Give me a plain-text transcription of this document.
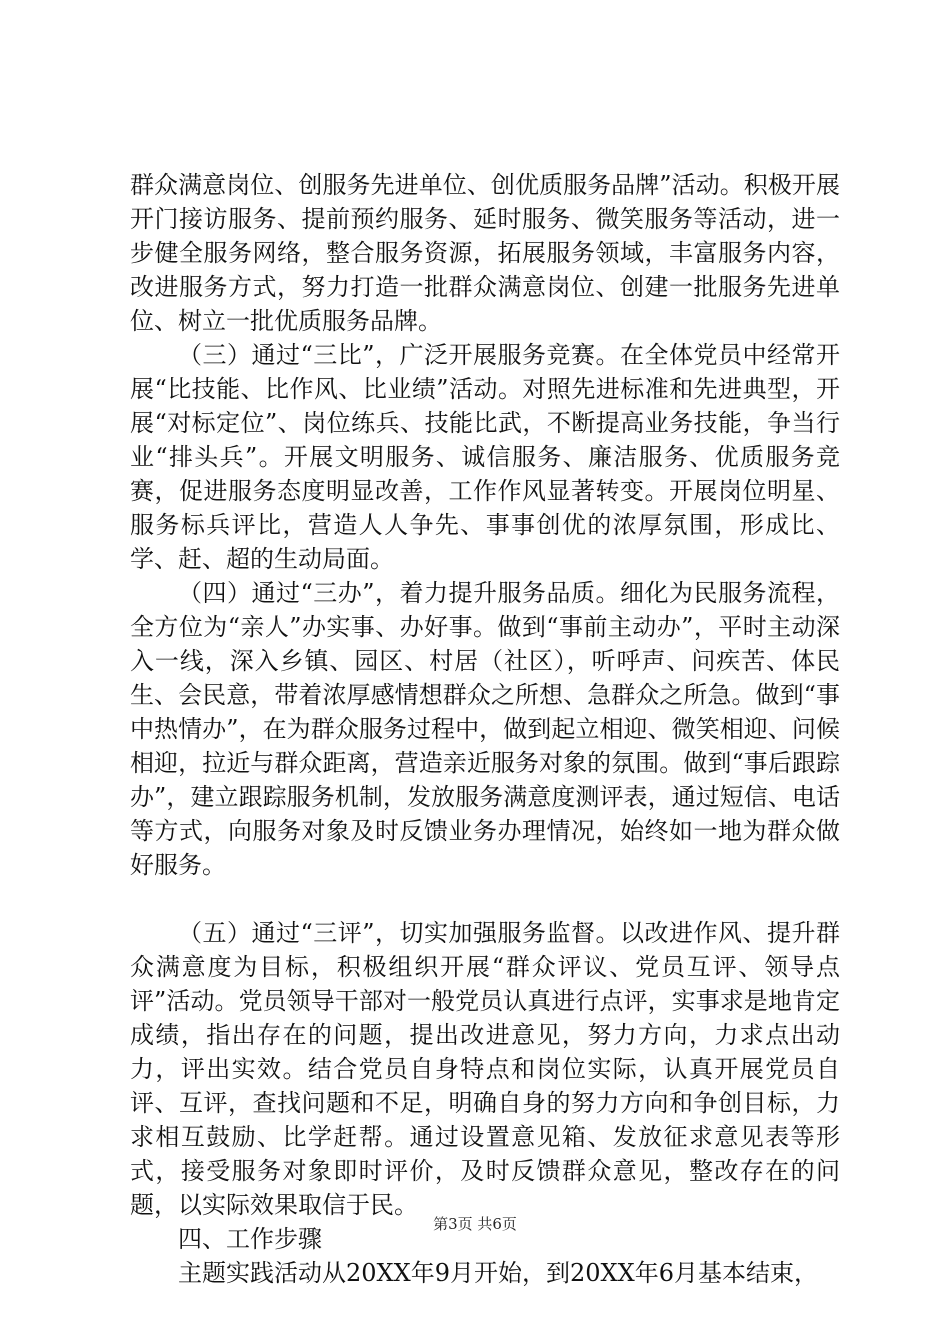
群众满意岗位、创服务先进单位、创优质服务品牌”活动。积极开展开门接访服务、提前预约服务、延时服务、微笑服务等活动，进一步健全服务网络，整合服务资源，拓展服务领域，丰富服务内容，改进服务方式，努力打造一批群众满意岗位、创建一批服务先进单位、树立一批优质服务品牌。

（三）通过“三比”，广泛开展服务竞赛。在全体党员中经常开展“比技能、比作风、比业绩”活动。对照先进标准和先进典型，开展“对标定位”、岗位练兵、技能比武，不断提高业务技能，争当行业“排头兵”。开展文明服务、诚信服务、廉洁服务、优质服务竞赛，促进服务态度明显改善，工作作风显著转变。开展岗位明星、服务标兵评比，营造人人争先、事事创优的浓厚氛围，形成比、学、赶、超的生动局面。

（四）通过“三办”，着力提升服务品质。细化为民服务流程，全方位为“亲人”办实事、办好事。做到“事前主动办”，平时主动深入一线，深入乡镇、园区、村居（社区），听呼声、问疾苦、体民生、会民意，带着浓厚感情想群众之所想、急群众之所急。做到“事中热情办”，在为群众服务过程中，做到起立相迎、微笑相迎、问候相迎，拉近与群众距离，营造亲近服务对象的氛围。做到“事后跟踪办”，建立跟踪服务机制，发放服务满意度测评表，通过短信、电话等方式，向服务对象及时反馈业务办理情况，始终如一地为群众做好服务。

（五）通过“三评”，切实加强服务监督。以改进作风、提升群众满意度为目标，积极组织开展“群众评议、党员互评、领导点评”活动。党员领导干部对一般党员认真进行点评，实事求是地肯定成绩，指出存在的问题，提出改进意见，努力方向，力求点出动力，评出实效。结合党员自身特点和岗位实际，认真开展党员自评、互评，查找问题和不足，明确自身的努力方向和争创目标，力求相互鼓励、比学赶帮。通过设置意见箱、发放征求意见表等形式，接受服务对象即时评价，及时反馈群众意见，整改存在的问题，以实际效果取信于民。

四、工作步骤

主题实践活动从20XX年9月开始，到20XX年6月基本结束，

第3页 共6页
